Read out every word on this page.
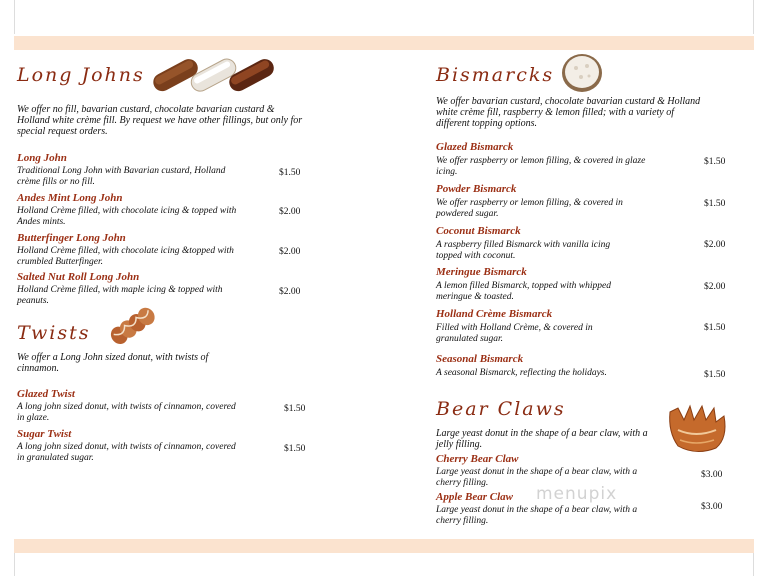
Long Johns
We offer no fill, bavarian custard, chocolate bavarian custard & Holland white crème fill. By request we have other fillings, but only for special request orders.
Long John
Traditional Long John with Bavarian custard, Holland crème fills or no fill.
$1.50
Andes Mint Long John
Holland Crème filled, with chocolate icing & topped with Andes mints.
$2.00
Butterfinger Long John
Holland Crème filled, with chocolate icing &topped with crumbled Butterfinger.
$2.00
Salted Nut Roll Long John
Holland Crème filled, with maple icing & topped with peanuts.
$2.00
Twists
We offer a Long John sized donut, with twists of cinnamon.
Glazed Twist
A long john sized donut, with twists of cinnamon, covered in glaze.
$1.50
Sugar Twist
A long john sized donut, with twists of cinnamon, covered in granulated sugar.
$1.50
Bismarcks
We offer bavarian custard, chocolate bavarian custard & Holland white crème fill, raspberry & lemon filled; with a variety of different topping options.
Glazed Bismarck
We offer raspberry or lemon filling, & covered in glaze icing.
$1.50
Powder Bismarck
We offer raspberry or lemon filling, & covered in powdered sugar.
$1.50
Coconut Bismarck
A raspberry filled Bismarck with vanilla icing topped with coconut.
$2.00
Meringue Bismarck
A lemon filled Bismarck, topped with whipped meringue & toasted.
$2.00
Holland Crème Bismarck
Filled with Holland Crème, & covered in granulated sugar.
$1.50
Seasonal Bismarck
A seasonal Bismarck, reflecting the holidays.	$1.50
Bear Claws
Large yeast donut in the shape of a bear claw, with a jelly filling.
Cherry Bear Claw
Large yeast donut in the shape of a bear claw, with a cherry filling.
$3.00
Apple Bear Claw
Large yeast donut in the shape of a bear claw, with a cherry filling.
$3.00
menupix
